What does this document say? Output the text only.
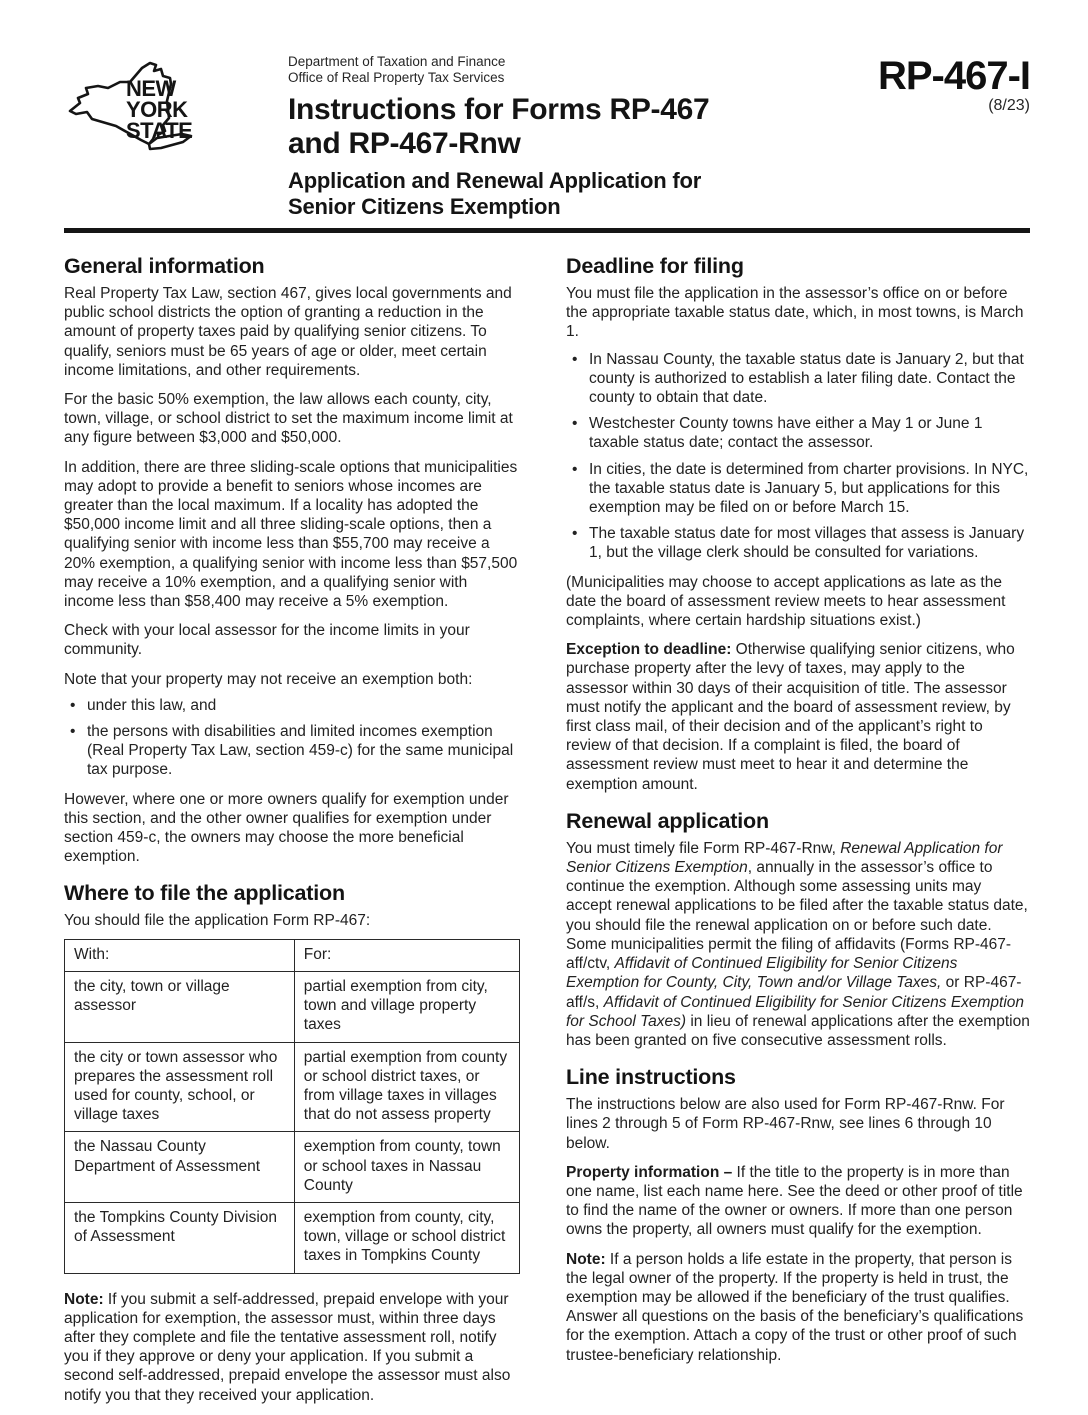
NEW
YORK
STATE
Department of Taxation and Finance
Office of Real Property Tax Services
Instructions for Forms RP-467
and RP-467-Rnw
Application and Renewal Application for
Senior Citizens Exemption
RP-467-I
(8/23)
General information

Real Property Tax Law, section 467, gives local governments and public school districts the option of granting a reduction in the amount of property taxes paid by qualifying senior citizens. To qualify, seniors must be 65 years of age or older, meet certain income limitations, and other requirements.

For the basic 50% exemption, the law allows each county, city, town, village, or school district to set the maximum income limit at any figure between $3,000 and $50,000.

In addition, there are three sliding-scale options that municipalities may adopt to provide a benefit to seniors whose incomes are greater than the local maximum. If a locality has adopted the $50,000 income limit and all three sliding-scale options, then a qualifying senior with income less than $55,700 may receive a 20% exemption, a qualifying senior with income less than $57,500 may receive a 10% exemption, and a qualifying senior with income less than $58,400 may receive a 5% exemption.

Check with your local assessor for the income limits in your community.

Note that your property may not receive an exemption both:

• under this law, and
• the persons with disabilities and limited incomes exemption (Real Property Tax Law, section 459-c) for the same municipal tax purpose.

However, where one or more owners qualify for exemption under this section, and the other owner qualifies for exemption under section 459-c, the owners may choose the more beneficial exemption.

Where to file the application

You should file the application Form RP-467:

With:	For:
the city, town or village assessor	partial exemption from city, town and village property taxes
the city or town assessor who prepares the assessment roll used for county, school, or village taxes	partial exemption from county or school district taxes, or from village taxes in villages that do not assess property
the Nassau County Department of Assessment	exemption from county, town or school taxes in Nassau County
the Tompkins County Division of Assessment	exemption from county, city, town, village or school district taxes in Tompkins County

Note: If you submit a self-addressed, prepaid envelope with your application for exemption, the assessor must, within three days after they complete and file the tentative assessment roll, notify you if they approve or deny your application. If you submit a second self-addressed, prepaid envelope the assessor must also notify you that they received your application.

Deadline for filing

You must file the application in the assessor’s office on or before the appropriate taxable status date, which, in most towns, is March 1.

• In Nassau County, the taxable status date is January 2, but that county is authorized to establish a later filing date. Contact the county to obtain that date.
• Westchester County towns have either a May 1 or June 1 taxable status date; contact the assessor.
• In cities, the date is determined from charter provisions. In NYC, the taxable status date is January 5, but applications for this exemption may be filed on or before March 15.
• The taxable status date for most villages that assess is January 1, but the village clerk should be consulted for variations.

(Municipalities may choose to accept applications as late as the date the board of assessment review meets to hear assessment complaints, where certain hardship situations exist.)

Exception to deadline: Otherwise qualifying senior citizens, who purchase property after the levy of taxes, may apply to the assessor within 30 days of their acquisition of title. The assessor must notify the applicant and the board of assessment review, by first class mail, of their decision and of the applicant’s right to review of that decision. If a complaint is filed, the board of assessment review must meet to hear it and determine the exemption amount.

Renewal application

You must timely file Form RP-467-Rnw, Renewal Application for Senior Citizens Exemption, annually in the assessor’s office to continue the exemption. Although some assessing units may accept renewal applications to be filed after the taxable status date, you should file the renewal application on or before such date. Some municipalities permit the filing of affidavits (Forms RP-467-aff/ctv, Affidavit of Continued Eligibility for Senior Citizens Exemption for County, City, Town and/or Village Taxes, or RP-467-aff/s, Affidavit of Continued Eligibility for Senior Citizens Exemption for School Taxes) in lieu of renewal applications after the exemption has been granted on five consecutive assessment rolls.

Line instructions

The instructions below are also used for Form RP-467-Rnw. For lines 2 through 5 of Form RP-467-Rnw, see lines 6 through 10 below.

Property information – If the title to the property is in more than one name, list each name here. See the deed or other proof of title to find the name of the owner or owners. If more than one person owns the property, all owners must qualify for the exemption.

Note: If a person holds a life estate in the property, that person is the legal owner of the property. If the property is held in trust, the exemption may be allowed if the beneficiary of the trust qualifies. Answer all questions on the basis of the beneficiary’s qualifications for the exemption. Attach a copy of the trust or other proof of such trustee-beneficiary relationship.
